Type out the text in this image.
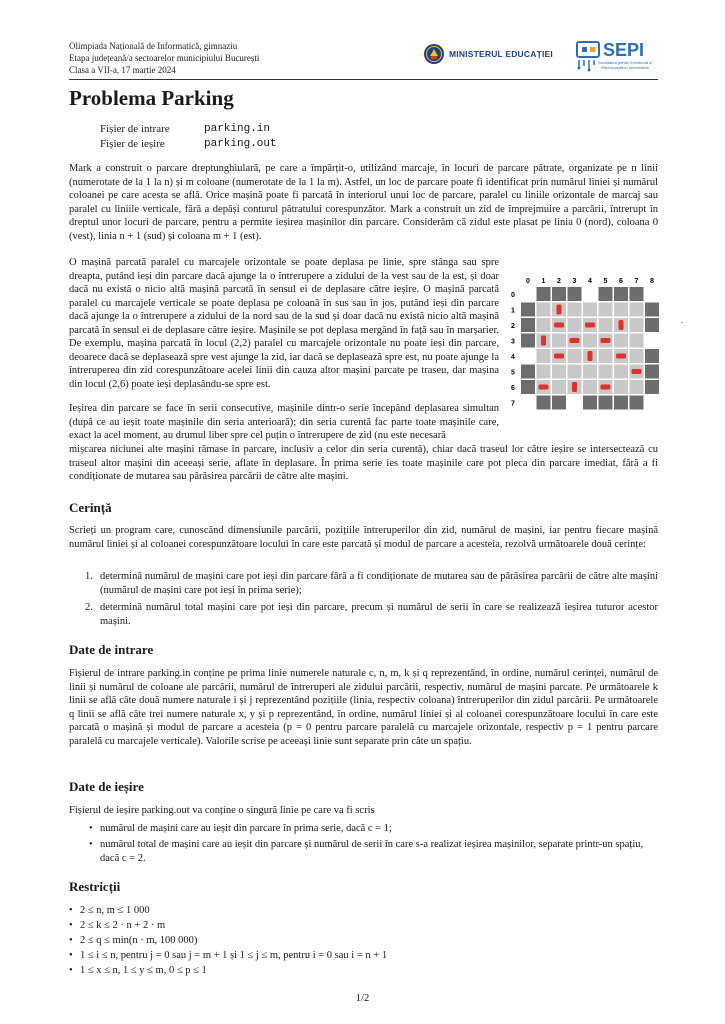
Olimpiada Națională de Informatică, gimnaziu
Etapa județeană/a sectoarelor municipiului București
Clasa a VII-a, 17 martie 2024
MINISTERUL EDUCAȚIEI	SEPI
Societatea pentru Excelență și Performanță în Informatică
Problema Parking
Fișier de intrare	parking.in
Fișier de ieșire	parking.out

Mark a construit o parcare dreptunghiulară, pe care a împărțit-o, utilizând marcaje, în locuri de parcare pătrate, organizate pe n linii (numerotate de la 1 la n) și m coloane (numerotate de la 1 la m). Astfel, un loc de parcare poate fi identificat prin numărul liniei și numărul coloanei pe care acesta se află. Orice mașină poate fi parcată în interiorul unui loc de parcare, paralel cu liniile orizontale de marcaj sau paralel cu liniile verticale, fără a depăși conturul pătratului corespunzător. Mark a construit un zid de împrejmuire a parcării, întrerupt în dreptul unor locuri de parcare, pentru a permite ieșirea mașinilor din parcare. Considerăm că zidul este plasat pe linia 0 (nord), coloana 0 (vest), linia n + 1 (sud) și coloana m + 1 (est).

O mașină parcată paralel cu marcajele orizontale se poate deplasa pe linie, spre stânga sau spre dreapta, putând ieși din parcare dacă ajunge la o întrerupere a zidului de la vest sau de la est, și doar dacă nu există o nicio altă mașină parcată în sensul ei de deplasare către ieșire. O mașină parcată paralel cu marcajele verticale se poate deplasa pe coloană în sus sau în jos, putând ieși din parcare dacă ajunge la o întrerupere a zidului de la nord sau de la sud și doar dacă nu există nicio altă mașină parcată în sensul ei de deplasare către ieșire. Mașinile se pot deplasa mergând în față sau în marșarier. De exemplu, mașina parcată în locul (2,2) paralel cu marcajele orizontale nu poate ieși din parcare, deoarece dacă se deplasează spre vest ajunge la zid, iar dacă se deplasează spre est, nu poate ajunge la întreruperea din zid corespunzătoare acelei linii din cauza altor mașini parcate pe traseu, dar mașina din locul (2,6) poate ieși deplasându-se spre est.

Ieșirea din parcare se face în serii consecutive, mașinile dintr-o serie începând deplasarea simultan (după ce au ieșit toate mașinile din seria anterioară); din seria curentă fac parte toate mașinile care, exact la acel moment, au drumul liber spre cel puțin o întrerupere de zid (nu este necesară

mișcarea niciunei alte mașini rămase în parcare, inclusiv a celor din seria curentă), chiar dacă traseul lor către ieșire se intersectează cu traseul altor mașini din aceeași serie, aflate în deplasare. În prima serie ies toate mașinile care pot pleca din parcare imediat, fără a fi condiționate de mutarea sau părăsirea parcării de către alte mașini.

0 1 2 3 4 5 6 7 8
0
1
2
3
4
5
6
7
·
Cerință

Scrieți un program care, cunoscând dimensiunile parcării, pozițiile întreruperilor din zid, numărul de mașini, iar pentru fiecare mașină numărul liniei și al coloanei corespunzătoare locului în care este parcată și modul de parcare a acesteia, rezolvă următoarele două cerințe:

1. determină numărul de mașini care pot ieși din parcare fără a fi condiționate de mutarea sau de părăsirea parcării de către alte mașini (numărul de mașini care pot ieși în prima serie);
2. determină numărul total mașini care pot ieși din parcare, precum și numărul de serii în care se realizează ieșirea tuturor acestor mașini.
Date de intrare

Fișierul de intrare parking.in conține pe prima linie numerele naturale c, n, m, k și q reprezentând, în ordine, numărul cerinței, numărul de linii și numărul de coloane ale parcării, numărul de întreruperi ale zidului parcării, respectiv, numărul de mașini parcate. Pe următoarele k linii se află câte două numere naturale i și j reprezentând pozițiile (linia, respectiv coloana) întreruperilor din zidul parcării. Pe următoarele q linii se află câte trei numere naturale x, y și p reprezentând, în ordine, numărul liniei și al coloanei corespunzătoare locului în care este parcată o mașină și modul de parcare a acesteia (p = 0 pentru parcare paralelă cu marcajele orizontale, respectiv p = 1 pentru parcare paralelă cu marcajele verticale). Valorile scrise pe aceeași linie sunt separate prin câte un spațiu.

Date de ieșire

Fișierul de ieșire parking.out va conține o singură linie pe care va fi scris

• numărul de mașini care au ieșit din parcare în prima serie, dacă c = 1;
• numărul total de mașini care au ieșit din parcare și numărul de serii în care s-a realizat ieșirea mașinilor, separate printr-un spațiu, dacă c = 2.
Restricții
• 2 ≤ n, m ≤ 1 000
• 2 ≤ k ≤ 2 · n + 2 · m
• 2 ≤ q ≤ min(n · m, 100 000)
• 1 ≤ i ≤ n, pentru j = 0 sau j = m + 1 și 1 ≤ j ≤ m, pentru i = 0 sau i = n + 1
• 1 ≤ x ≤ n, 1 ≤ y ≤ m, 0 ≤ p ≤ 1
1/2
